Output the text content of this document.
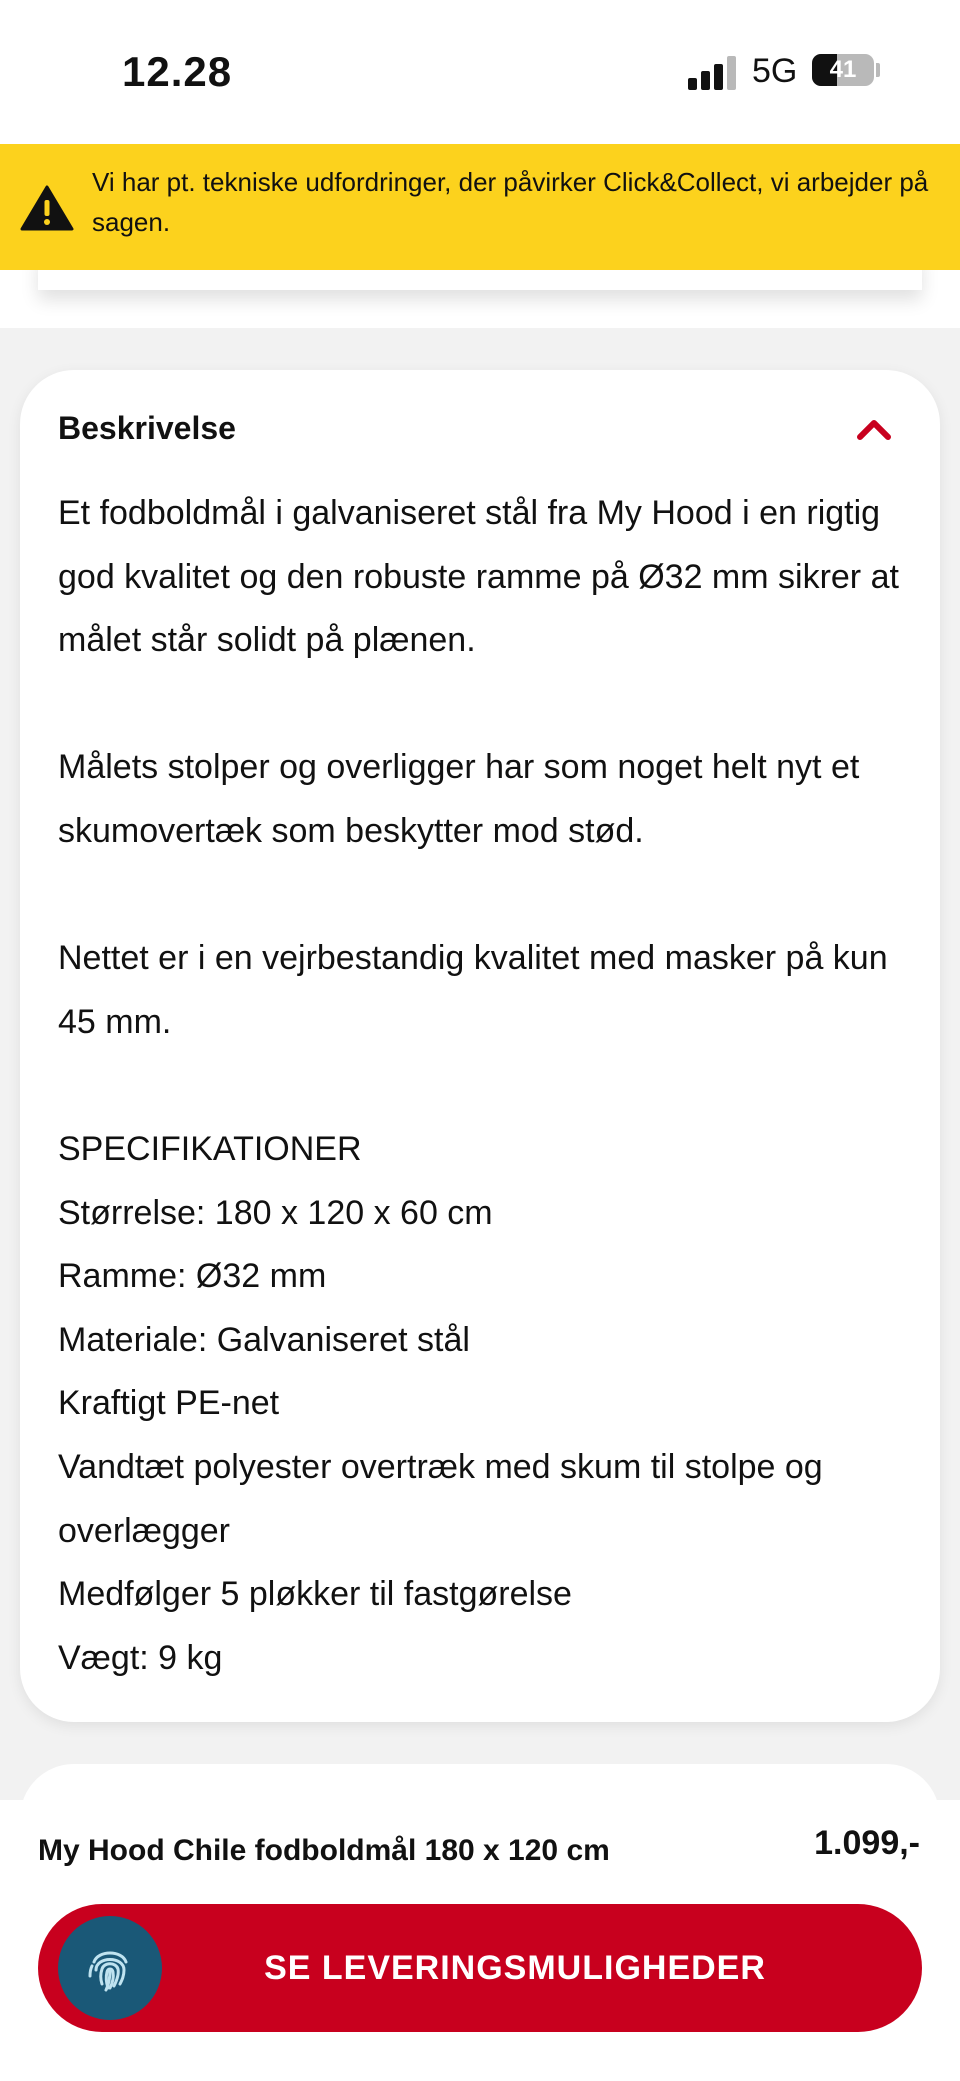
12.28	5G	41
Vi har pt. tekniske udfordringer, der påvirker Click&Collect, vi arbejder på sagen.
Beskrivelse

Et fodboldmål i galvaniseret stål fra My Hood i en rigtig god kvalitet og den robuste ramme på Ø32 mm sikrer at målet står solidt på plænen.

Målets stolper og overligger har som noget helt nyt et skumovertæk som beskytter mod stød.

Nettet er i en vejrbestandig kvalitet med masker på kun 45 mm.

SPECIFIKATIONER

Størrelse: 180 x 120 x 60 cm

Ramme: Ø32 mm

Materiale: Galvaniseret stål

Kraftigt PE-net

Vandtæt polyester overtræk med skum til stolpe og overlægger

Medfølger 5 pløkker til fastgørelse

Vægt: 9 kg

My Hood Chile fodboldmål 180 x 120 cm	1.099,-
SE LEVERINGSMULIGHEDER
